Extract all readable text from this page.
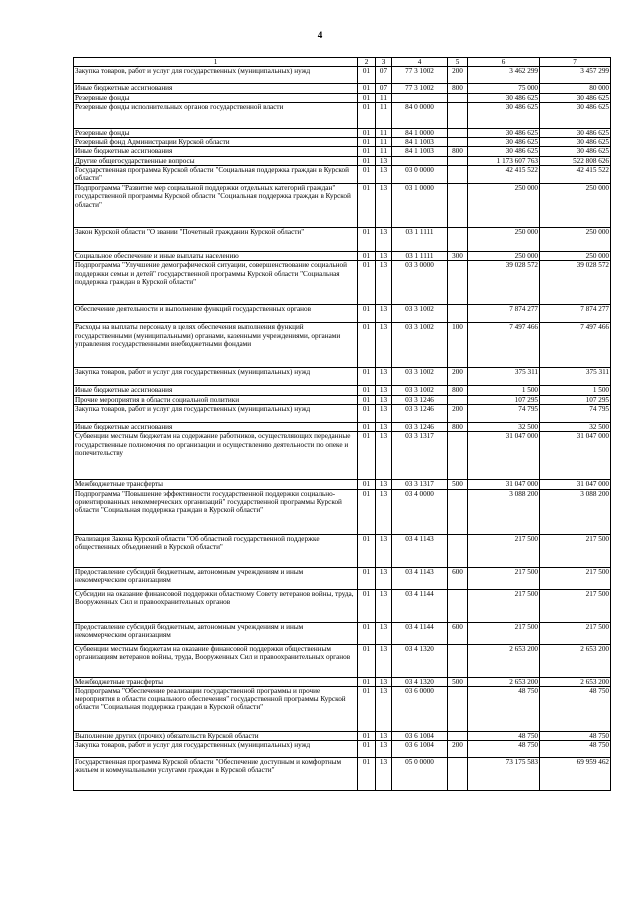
4
1	2	3	4	5	6	7
Закупка товаров, работ и услуг для государственных (муниципальных) нужд	01	07	77 3 1002	200	3 462 299	3 457 299
Иные бюджетные ассигнования	01	07	77 3 1002	800	75 000	80 000
Резервные фонды	01	11			30 486 625	30 486 625
Резервные фонды исполнительных органов государственной власти	01	11	84 0 0000		30 486 625	30 486 625
Резервные фонды	01	11	84 1 0000		30 486 625	30 486 625
Резервный фонд Администрации Курской области	01	11	84 1 1003		30 486 625	30 486 625
Иные бюджетные ассигнования	01	11	84 1 1003	800	30 486 625	30 486 625
Другие общегосударственные вопросы	01	13			1 173 607 763	522 808 626
Государственная программа Курской области "Социальная поддержка граждан в Курской области"	01	13	03 0 0000		42 415 522	42 415 522
Подпрограмма "Развитие мер социальной поддержки отдельных категорий граждан" государственной программы Курской области "Социальная поддержка граждан в Курской области"	01	13	03 1 0000		250 000	250 000
Закон Курской области "О звании "Почетный гражданин Курской области"	01	13	03 1 1111		250 000	250 000
Социальное обеспечение и иные выплаты населению	01	13	03 1 1111	300	250 000	250 000
Подпрограмма "Улучшение демографической ситуации, совершенствование социальной поддержки семьи и детей" государственной программы Курской области "Социальная поддержка граждан в Курской области"	01	13	03 3 0000		39 028 572	39 028 572
Обеспечение деятельности и выполнение функций государственных органов	01	13	03 3 1002		7 874 277	7 874 277
Расходы на выплаты персоналу в целях обеспечения выполнения функций государственными (муниципальными) органами, казенными учреждениями, органами управления государственными внебюджетными фондами	01	13	03 3 1002	100	7 497 466	7 497 466
Закупка товаров, работ и услуг для государственных (муниципальных) нужд	01	13	03 3 1002	200	375 311	375 311
Иные бюджетные ассигнования	01	13	03 3 1002	800	1 500	1 500
Прочие мероприятия в области социальной политики	01	13	03 3 1246		107 295	107 295
Закупка товаров, работ и услуг для государственных (муниципальных) нужд	01	13	03 3 1246	200	74 795	74 795
Иные бюджетные ассигнования	01	13	03 3 1246	800	32 500	32 500
Субвенции местным бюджетам на содержание работников, осуществляющих переданные государственные полномочия по организации и осуществлению деятельности по опеке и попечительству	01	13	03 3 1317		31 047 000	31 047 000
Межбюджетные трансферты	01	13	03 3 1317	500	31 047 000	31 047 000
Подпрограмма "Повышение эффективности государственной поддержки социально-ориентированных некоммерческих организаций" государственной программы Курской области "Социальная поддержка граждан в Курской области"	01	13	03 4 0000		3 088 200	3 088 200
Реализация Закона Курской области "Об областной государственной поддержке общественных объединений в Курской области"	01	13	03 4 1143		217 500	217 500
Предоставление субсидий бюджетным, автономным учреждениям и иным некоммерческим организациям	01	13	03 4 1143	600	217 500	217 500
Субсидии на оказание финансовой поддержки областному Совету ветеранов войны, труда, Вооруженных Сил и правоохранительных органов	01	13	03 4 1144		217 500	217 500
Предоставление субсидий бюджетным, автономным учреждениям и иным некоммерческим организациям	01	13	03 4 1144	600	217 500	217 500
Субвенции местным бюджетам на оказание финансовой поддержки общественным организациям ветеранов войны, труда, Вооруженных Сил и правоохранительных органов	01	13	03 4 1320		2 653 200	2 653 200
Межбюджетные трансферты	01	13	03 4 1320	500	2 653 200	2 653 200
Подпрограмма "Обеспечение реализации государственной программы и прочие мероприятия в области социального обеспечения" государственной программы Курской области "Социальная поддержка граждан в Курской области"	01	13	03 6 0000		48 750	48 750
Выполнение других (прочих) обязательств Курской области	01	13	03 6 1004		48 750	48 750
Закупка товаров, работ и услуг для государственных (муниципальных) нужд	01	13	03 6 1004	200	48 750	48 750
Государственная программа Курской области "Обеспечение доступным и комфортным жильем и коммунальными услугами граждан в Курской области"	01	13	05 0 0000		73 175 583	69 959 462
